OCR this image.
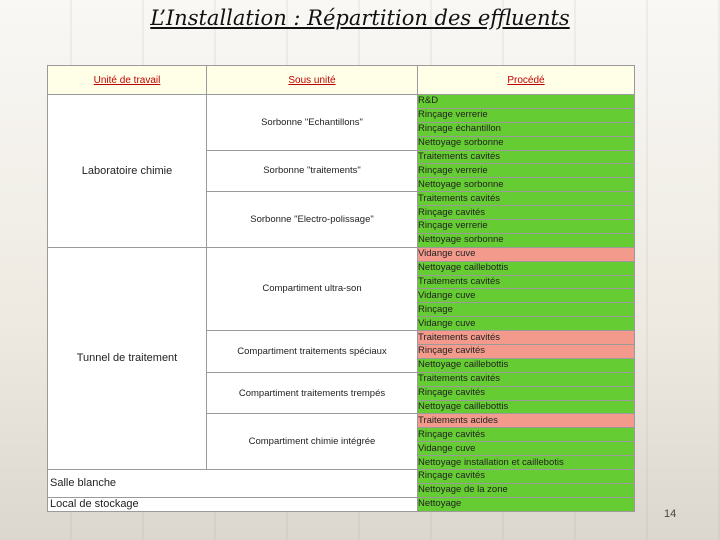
L’Installation : Répartition des effluents
Unité de travail	Sous unité	Procédé
Laboratoire chimie	Sorbonne "Echantillons"	R&D
		Rinçage verrerie
		Rinçage échantillon
		Nettoyage sorbonne
	Sorbonne "traitements"	Traitements cavités
		Rinçage verrerie
		Nettoyage sorbonne
	Sorbonne "Electro-polissage"	Traitements cavités
		Rinçage cavités
		Rinçage verrerie
		Nettoyage sorbonne
Tunnel de traitement	Compartiment ultra-son	Vidange cuve
		Nettoyage caillebottis
		Traitements cavités
		Vidange cuve
		Rinçage
		Vidange cuve
	Compartiment traitements spéciaux	Traitements cavités
		Rinçage cavités
		Nettoyage caillebottis
	Compartiment traitements trempés	Traitements cavités
		Rinçage cavités
		Nettoyage caillebottis
	Compartiment chimie intégrée	Traitements acides
		Rinçage cavités
		Vidange cuve
		Nettoyage installation et caillebotis
Salle blanche		Rinçage cavités
		Nettoyage de la zone
Local de stockage		Nettoyage
14
